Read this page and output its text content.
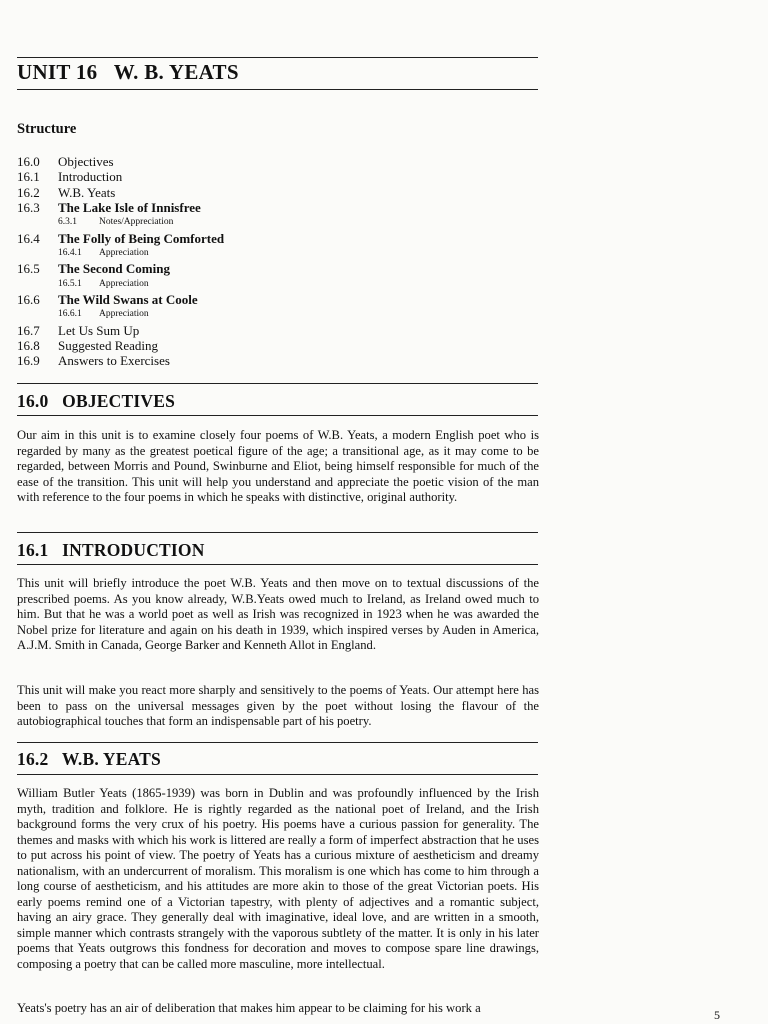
UNIT 16   W. B. YEATS
Structure
16.0 Objectives
16.1 Introduction
16.2 W.B. Yeats
16.3 The Lake Isle of Innisfree
6.3.1 Notes/Appreciation
16.4 The Folly of Being Comforted
16.4.1 Appreciation
16.5 The Second Coming
16.5.1 Appreciation
16.6 The Wild Swans at Coole
16.6.1 Appreciation
16.7 Let Us Sum Up
16.8 Suggested Reading
16.9 Answers to Exercises
16.0   OBJECTIVES

Our aim in this unit is to examine closely four poems of W.B. Yeats, a modern English poet who is regarded by many as the greatest poetical figure of the age; a transitional age, as it may come to be regarded, between Morris and Pound, Swinburne and Eliot, being himself responsible for much of the ease of the transition. This unit will help you understand and appreciate the poetic vision of the man with reference to the four poems in which he speaks with distinctive, original authority.

16.1   INTRODUCTION

This unit will briefly introduce the poet W.B. Yeats and then move on to textual discussions of the prescribed poems. As you know already, W.B.Yeats owed much to Ireland, as Ireland owed much to him. But that he was a world poet as well as Irish was recognized in 1923 when he was awarded the Nobel prize for literature and again on his death in 1939, which inspired verses by Auden in America, A.J.M. Smith in Canada, George Barker and Kenneth Allot in England.

This unit will make you react more sharply and sensitively to the poems of Yeats. Our attempt here has been to pass on the universal messages given by the poet without losing the flavour of the autobiographical touches that form an indispensable part of his poetry.

16.2   W.B. YEATS

William Butler Yeats (1865-1939) was born in Dublin and was profoundly influenced by the Irish myth, tradition and folklore. He is rightly regarded as the national poet of Ireland, and the Irish background forms the very crux of his poetry. His poems have a curious passion for generality. The themes and masks with which his work is littered are really a form of imperfect abstraction that he uses to put across his point of view. The poetry of Yeats has a curious mixture of aestheticism and dreamy nationalism, with an undercurrent of moralism. This moralism is one which has come to him through a long course of aestheticism, and his attitudes are more akin to those of the great Victorian poets. His early poems remind one of a Victorian tapestry, with plenty of adjectives and a romantic subject, having an airy grace. They generally deal with imaginative, ideal love, and are written in a smooth, simple manner which contrasts strangely with the vaporous subtlety of the matter. It is only in his later poems that Yeats outgrows this fondness for decoration and moves to compose spare line drawings, composing a poetry that can be called more masculine, more intellectual.

Yeats's poetry has an air of deliberation that makes him appear to be claiming for his work a	5
